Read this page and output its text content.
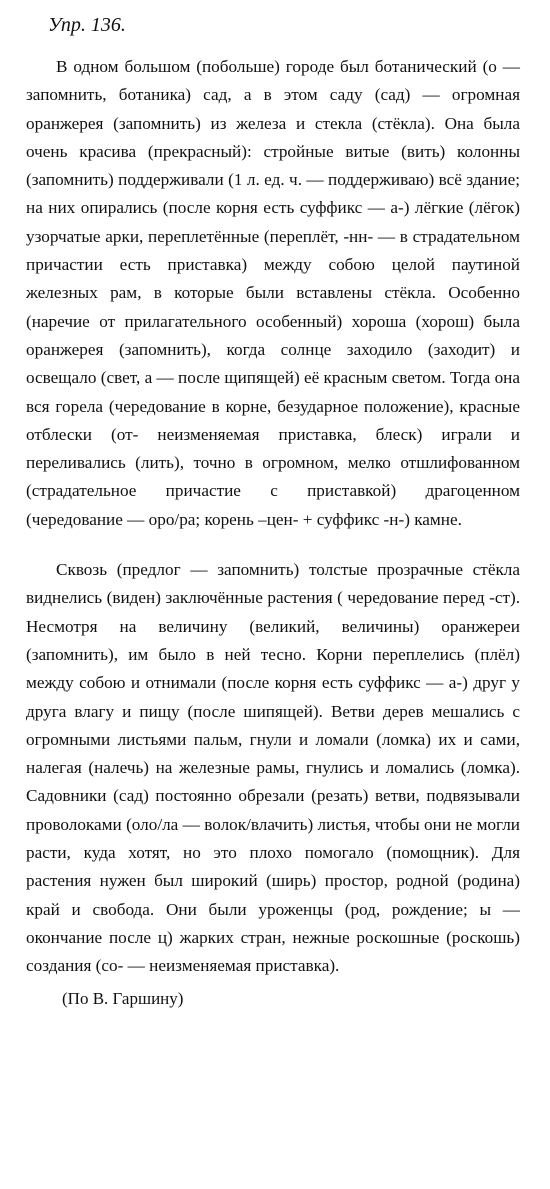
Упр. 136.

В одном большом (побольше) городе был ботанический (о — запомнить, ботаника) сад, а в этом саду (сад) — огромная оранжерея (запомнить) из железа и стекла (стёкла). Она была очень красива (прекрасный): стройные витые (вить) колонны (запомнить) поддерживали (1 л. ед. ч. — поддерживаю) всё здание; на них опирались (после корня есть суффикс — а-) лёгкие (лёгок) узорчатые арки, переплетённые (переплёт, -нн- — в страдательном причастии есть приставка) между собою целой паутиной железных рам, в которые были вставлены стёкла. Особенно (наречие от прилагательного особенный) хороша (хорош) была оранжерея (запомнить), когда солнце заходило (заходит) и освещало (свет, а — после щипящей) её красным светом. Тогда она вся горела (чередование в корне, безударное положение), красные отблески (от- неизменяемая приставка, блеск) играли и переливались (лить), точно в огромном, мелко отшлифованном (страдательное причастие с приставкой) драгоценном (чередование — оро/ра; корень –цен- + суффикс -н-) камне.

Сквозь (предлог — запомнить) толстые прозрачные стёкла виднелись (виден) заключённые растения ( чередование перед -ст). Несмотря на величину (великий, величины) оранжереи (запомнить), им было в ней тесно. Корни переплелись (плёл) между собою и отнимали (после корня есть суффикс — а-) друг у друга влагу и пищу (после шипящей). Ветви дерев мешались с огромными листьями пальм, гнули и ломали (ломка) их и сами, налегая (налечь) на железные рамы, гнулись и ломались (ломка). Садовники (сад) постоянно обрезали (резать) ветви, подвязывали проволоками (оло/ла — волок/влачить) листья, чтобы они не могли расти, куда хотят, но это плохо помогало (помощник). Для растения нужен был широкий (ширь) простор, родной (родина) край и свобода. Они были уроженцы (род, рождение; ы — окончание после ц) жарких стран, нежные роскошные (роскошь) создания (со- — неизменяемая приставка).

(По В. Гаршину)
